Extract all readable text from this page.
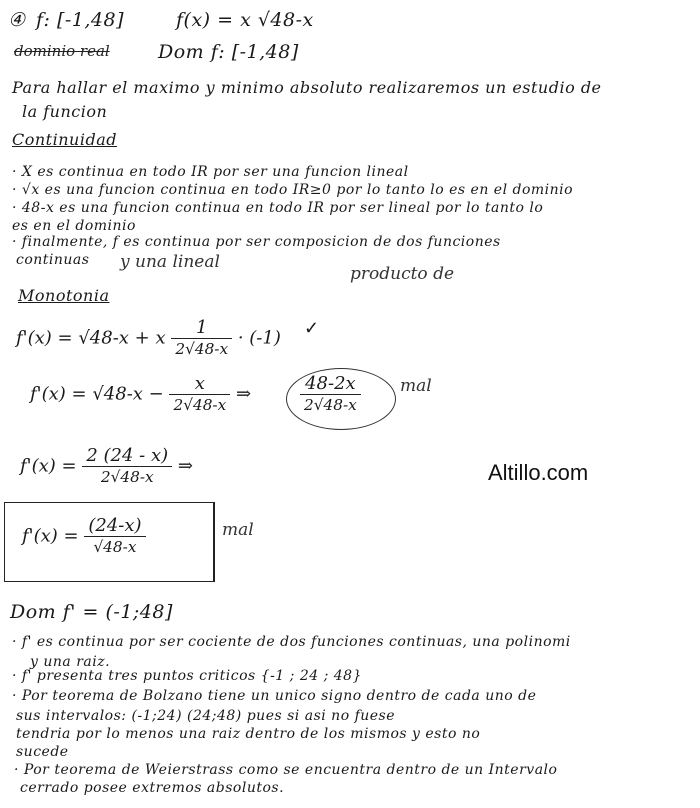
④ f: [-1,48]	f(x) = x √48-x
dominio real	Dom f: [-1,48]
Para hallar el maximo y minimo absoluto realizaremos un estudio de
la funcion
Continuidad
· X es continua en todo IR por ser una funcion lineal
· √x es una funcion continua en todo IR≥0 por lo tanto lo es en el dominio
· 48-x es una funcion continua en todo IR por ser lineal por lo tanto lo
es en el dominio
· finalmente, f es continua por ser composicion de dos funciones
continuas y una lineal
producto de
Monotonia
f'(x) = √48-x + x $\frac{1}{2√48-x} \cdot (-1)$ ✓
$f'(x) = √48-x - \frac{x}{2√48-x}$ ⇒	$\frac{48-2x}{2√48-x}$ mal
$f'(x) = \frac{2 (24 - x)}{2√48-x}$ ⇒	Altillo.com
$f'(x) = \frac{(24-x)}{√48-x}$	mal
Dom f' = (-1;48]
· f' es continua por ser cociente de dos funciones continuas, una polinomi
y una raiz.
· f' presenta tres puntos criticos {-1 ; 24 ; 48}
· Por teorema de Bolzano tiene un unico signo dentro de cada uno de
sus intervalos: (-1;24) (24;48) pues si asi no fuese
tendria por lo menos una raiz dentro de los mismos y esto no
sucede
· Por teorema de Weierstrass como se encuentra dentro de un Intervalo
cerrado posee extremos absolutos.
